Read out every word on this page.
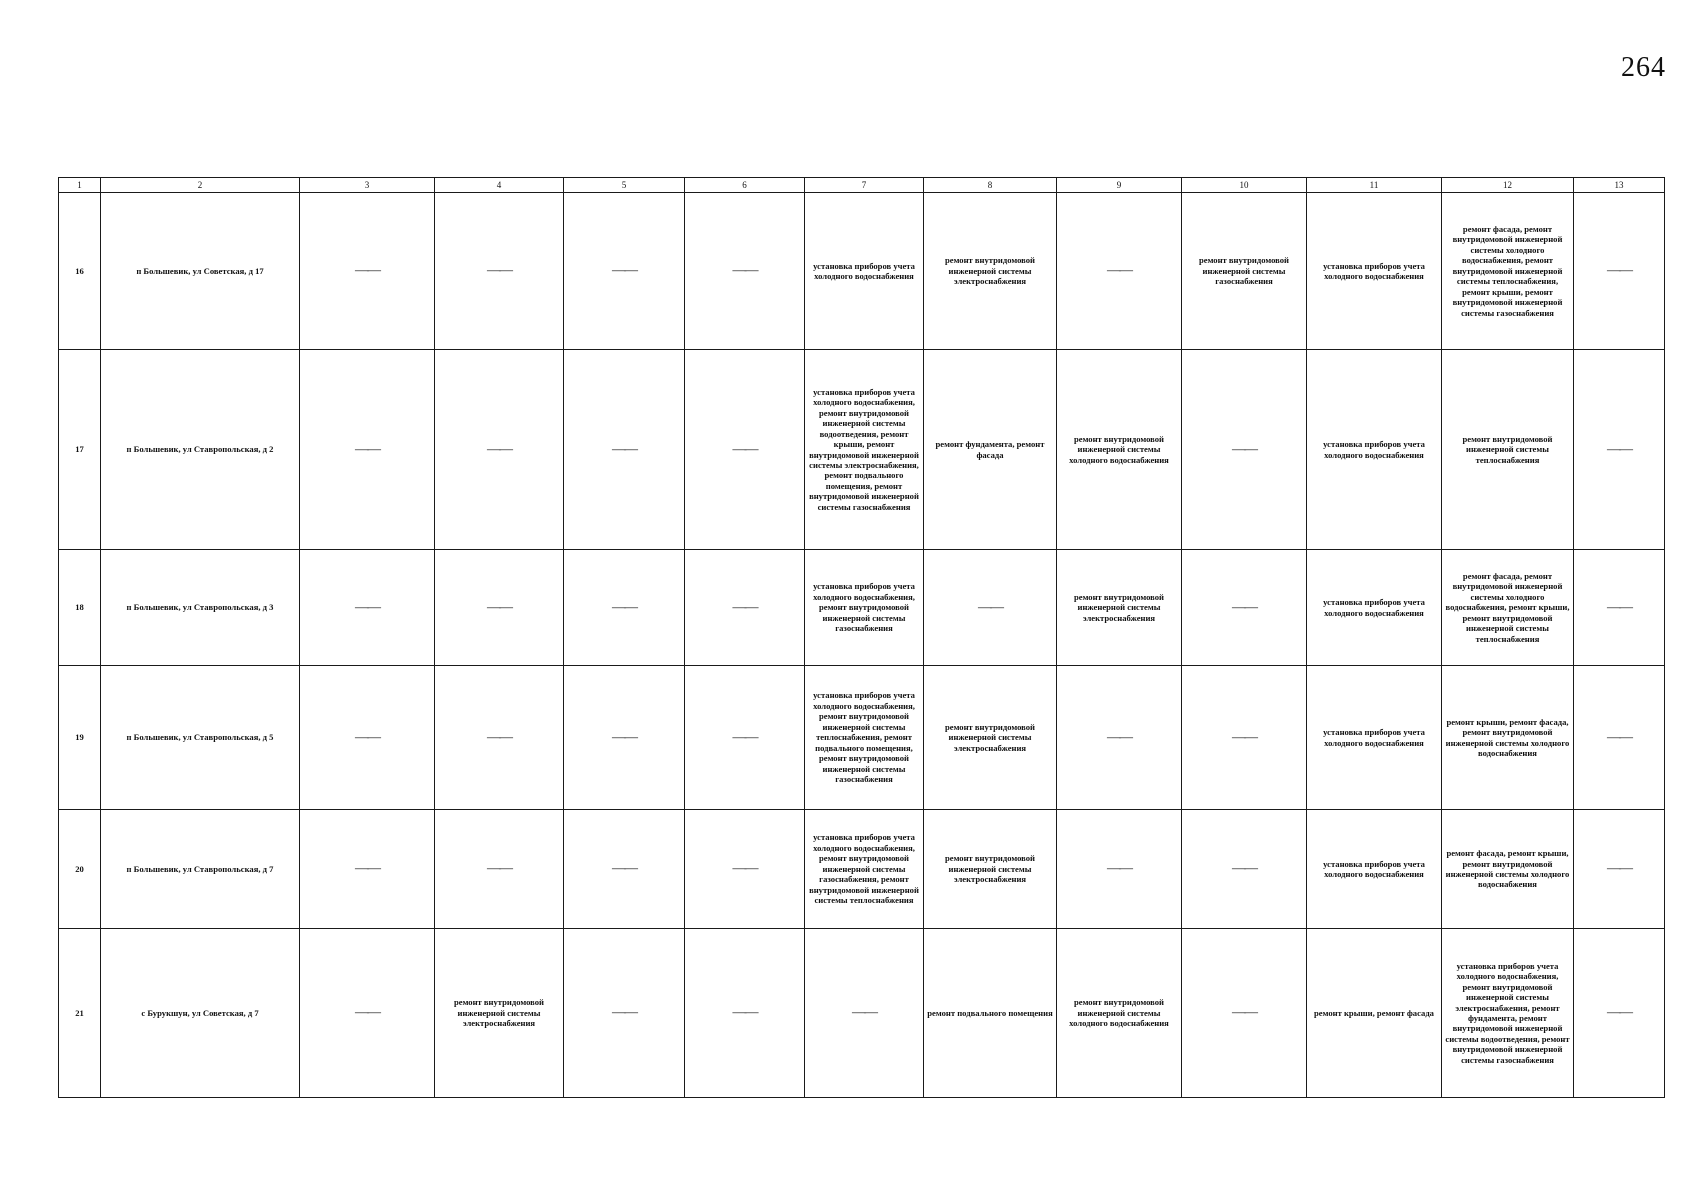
264
1	2	3	4	5	6	7	8	9	10	11	12	13
16	п Большевик, ул Советская, д 17	——	——	——	——	установка приборов учета холодного водоснабжения	ремонт внутридомовой инженерной системы электроснабжения	——	ремонт внутридомовой инженерной системы газоснабжения	установка приборов учета холодного водоснабжения	ремонт фасада, ремонт внутридомовой инженерной системы холодного водоснабжения, ремонт внутридомовой инженерной системы теплоснабжения, ремонт крыши, ремонт внутридомовой инженерной системы газоснабжения	——
17	п Большевик, ул Ставропольская, д 2	——	——	——	——	установка приборов учета холодного водоснабжения, ремонт внутридомовой инженерной системы водоотведения, ремонт крыши, ремонт внутридомовой инженерной системы электроснабжения, ремонт подвального помещения, ремонт внутридомовой инженерной системы газоснабжения	ремонт фундамента, ремонт фасада	ремонт внутридомовой инженерной системы холодного водоснабжения	——	установка приборов учета холодного водоснабжения	ремонт внутридомовой инженерной системы теплоснабжения	——
18	п Большевик, ул Ставропольская, д 3	——	——	——	——	установка приборов учета холодного водоснабжения, ремонт внутридомовой инженерной системы газоснабжения	——	ремонт внутридомовой инженерной системы электроснабжения	——	установка приборов учета холодного водоснабжения	ремонт фасада, ремонт внутридомовой инженерной системы холодного водоснабжения, ремонт крыши, ремонт внутридомовой инженерной системы теплоснабжения	——
19	п Большевик, ул Ставропольская, д 5	——	——	——	——	установка приборов учета холодного водоснабжения, ремонт внутридомовой инженерной системы теплоснабжения, ремонт подвального помещения, ремонт внутридомовой инженерной системы газоснабжения	ремонт внутридомовой инженерной системы электроснабжения	——	——	установка приборов учета холодного водоснабжения	ремонт крыши, ремонт фасада, ремонт внутридомовой инженерной системы холодного водоснабжения	——
20	п Большевик, ул Ставропольская, д 7	——	——	——	——	установка приборов учета холодного водоснабжения, ремонт внутридомовой инженерной системы газоснабжения, ремонт внутридомовой инженерной системы теплоснабжения	ремонт внутридомовой инженерной системы электроснабжения	——	——	установка приборов учета холодного водоснабжения	ремонт фасада, ремонт крыши, ремонт внутридомовой инженерной системы холодного водоснабжения	——
21	с Бурукшун, ул Советская, д 7	——	ремонт внутридомовой инженерной системы электроснабжения	——	——	——	ремонт подвального помещения	ремонт внутридомовой инженерной системы холодного водоснабжения	——	ремонт крыши, ремонт фасада	установка приборов учета холодного водоснабжения, ремонт внутридомовой инженерной системы электроснабжения, ремонт фундамента, ремонт внутридомовой инженерной системы водоотведения, ремонт внутридомовой инженерной системы газоснабжения	——
